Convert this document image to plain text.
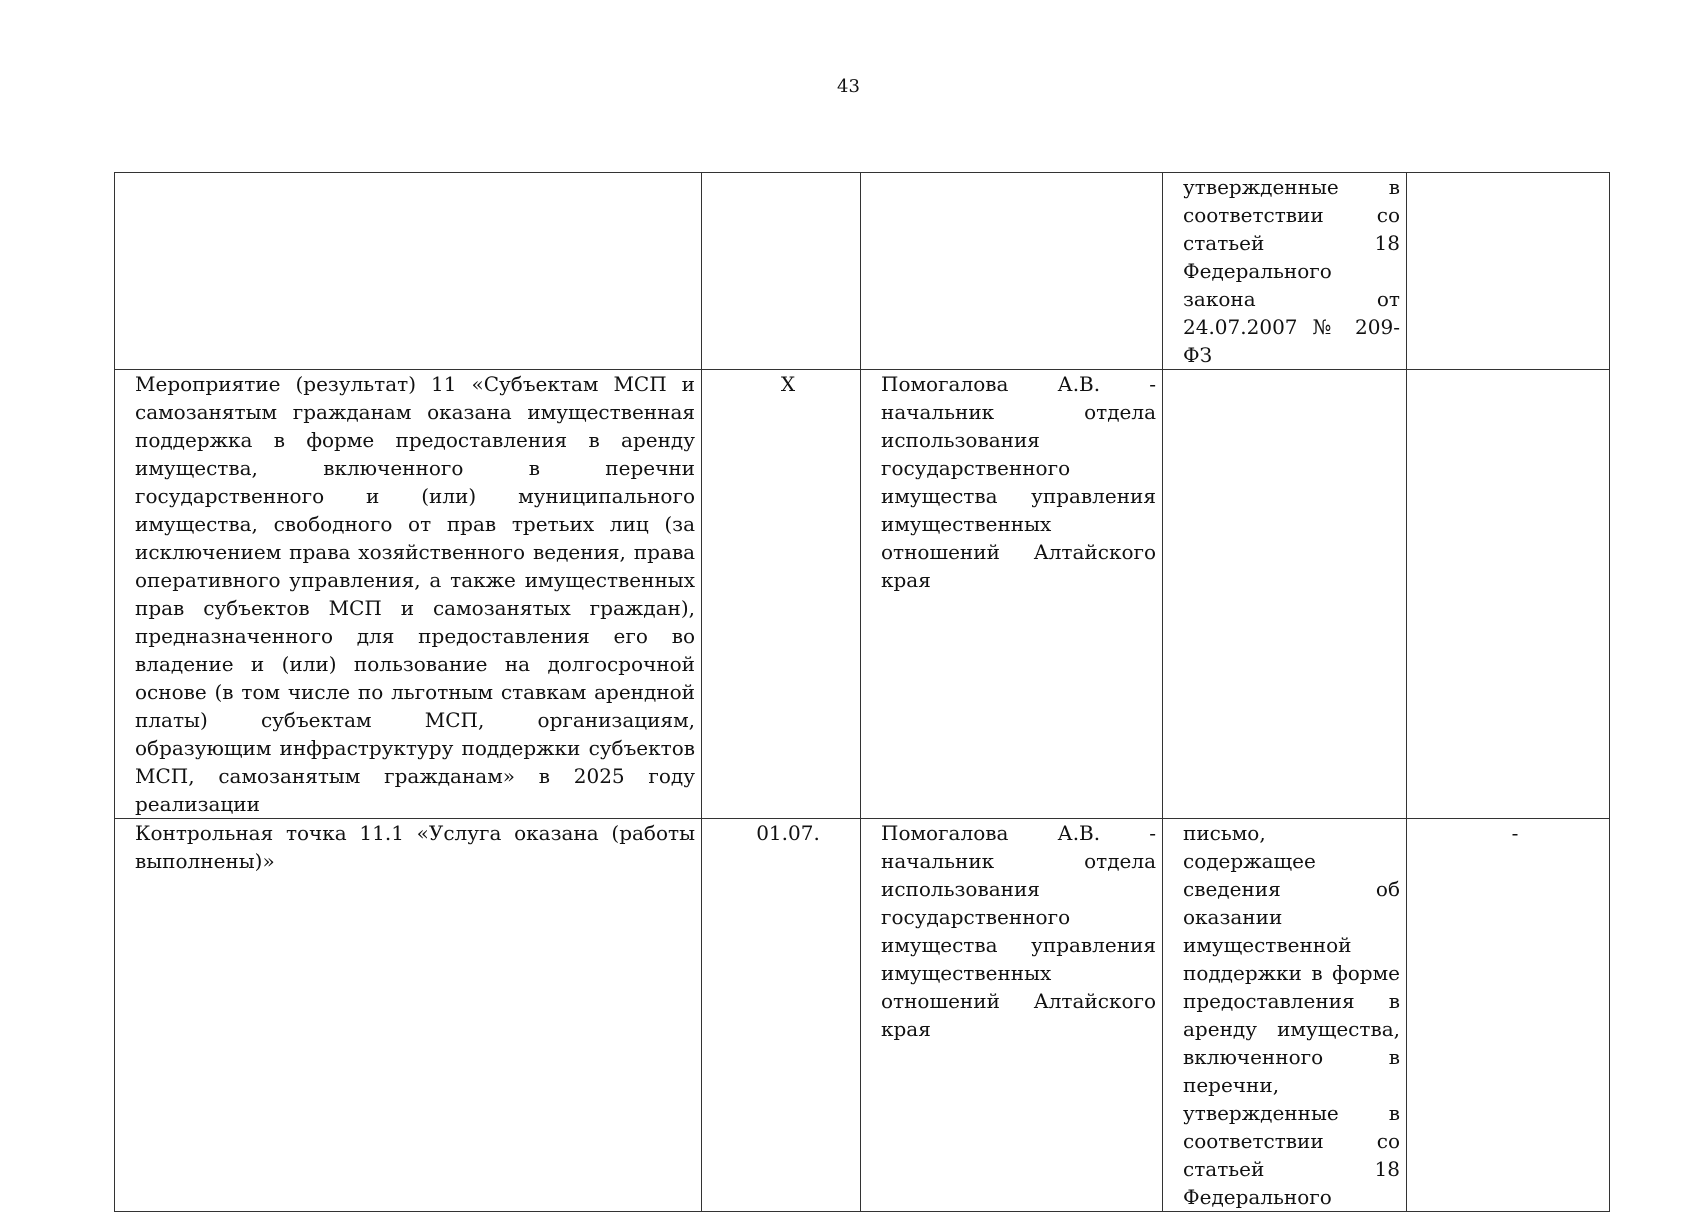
43
			утвержденные в соответствии со статьей 18 Федерального закона от 24.07.2007 № 209-ФЗ	
Мероприятие (результат) 11 «Субъектам МСП и самозанятым гражданам оказана имущественная поддержка в форме предоставления в аренду имущества, включенного в перечни государственного и (или) муниципального имущества, свободного от прав третьих лиц (за исключением права хозяйственного ведения, права оперативного управления, а также имущественных прав субъектов МСП и самозанятых граждан), предназначенного для предоставления его во владение и (или) пользование на долгосрочной основе (в том числе по льготным ставкам арендной платы) субъектам МСП, организациям, образующим инфраструктуру поддержки субъектов МСП, самозанятым гражданам» в 2025 году реализации	X	Помогалова А.В. - начальник отдела использования государственного имущества управления имущественных отношений Алтайского края		
Контрольная точка 11.1 «Услуга оказана (работы выполнены)»	01.07.	Помогалова А.В. - начальник отдела использования государственного имущества управления имущественных отношений Алтайского края	письмо, содержащее сведения об оказании имущественной поддержки в форме предоставления в аренду имущества, включенного в перечни, утвержденные в соответствии со статьей 18 Федерального	-
